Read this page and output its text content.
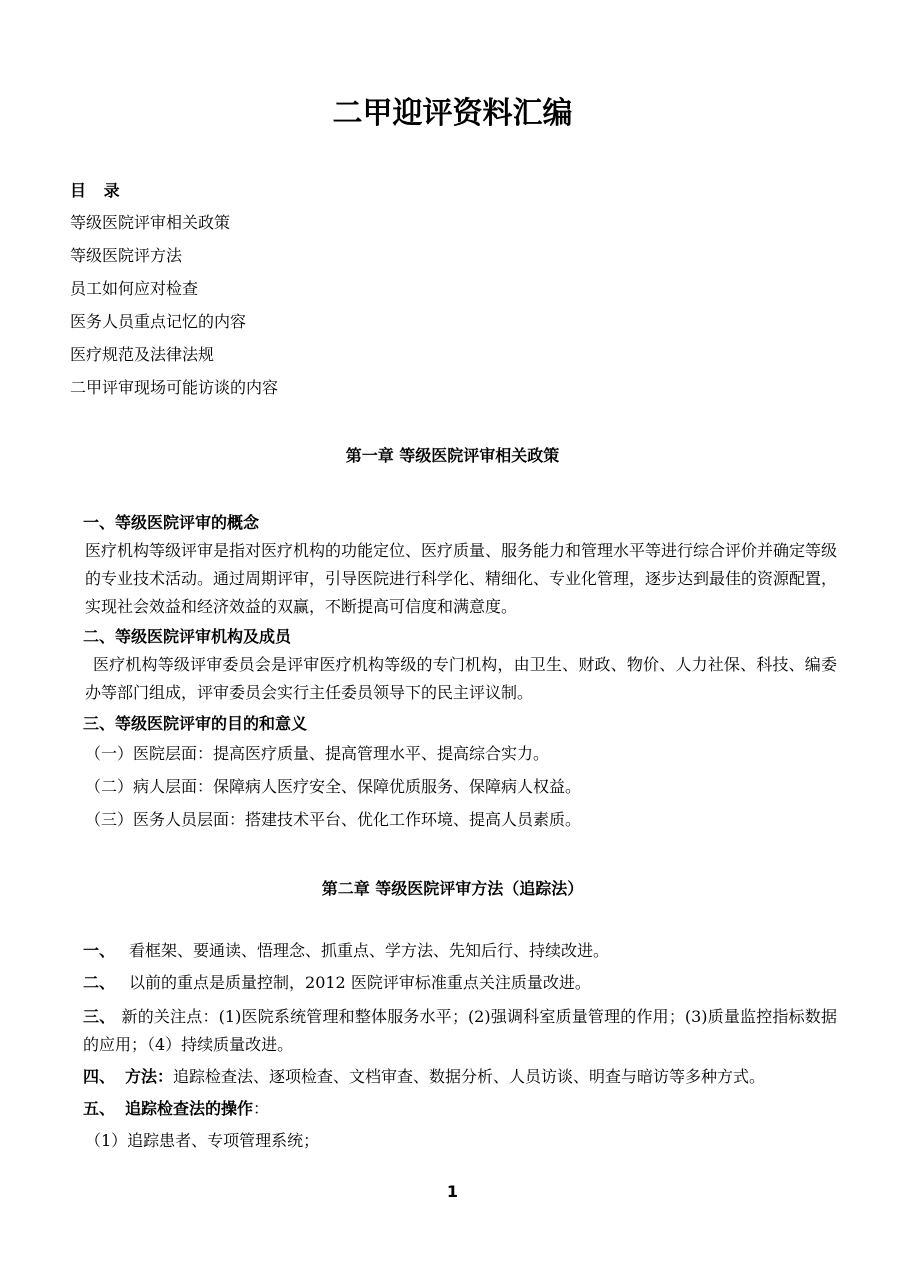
二甲迎评资料汇编
目 录
等级医院评审相关政策
等级医院评方法
员工如何应对检查
医务人员重点记忆的内容
医疗规范及法律法规
二甲评审现场可能访谈的内容
第一章 等级医院评审相关政策
一、等级医院评审的概念
医疗机构等级评审是指对医疗机构的功能定位、医疗质量、服务能力和管理水平等进行综合评价并确定等级的专业技术活动。通过周期评审，引导医院进行科学化、精细化、专业化管理，逐步达到最佳的资源配置，实现社会效益和经济效益的双赢，不断提高可信度和满意度。
二、等级医院评审机构及成员
医疗机构等级评审委员会是评审医疗机构等级的专门机构，由卫生、财政、物价、人力社保、科技、编委办等部门组成，评审委员会实行主任委员领导下的民主评议制。
三、等级医院评审的目的和意义
（一）医院层面：提高医疗质量、提高管理水平、提高综合实力。
（二）病人层面：保障病人医疗安全、保障优质服务、保障病人权益。
（三）医务人员层面：搭建技术平台、优化工作环境、提高人员素质。
第二章 等级医院评审方法（追踪法）
一、 看框架、要通读、悟理念、抓重点、学方法、先知后行、持续改进。
二、 以前的重点是质量控制，2012 医院评审标准重点关注质量改进。
三、 新的关注点：(1)医院系统管理和整体服务水平；(2)强调科室质量管理的作用；(3)质量监控指标数据的应用；（4）持续质量改进。
四、 方法：追踪检查法、逐项检查、文档审查、数据分析、人员访谈、明查与暗访等多种方式。
五、 追踪检查法的操作：
（1）追踪患者、专项管理系统；
1
